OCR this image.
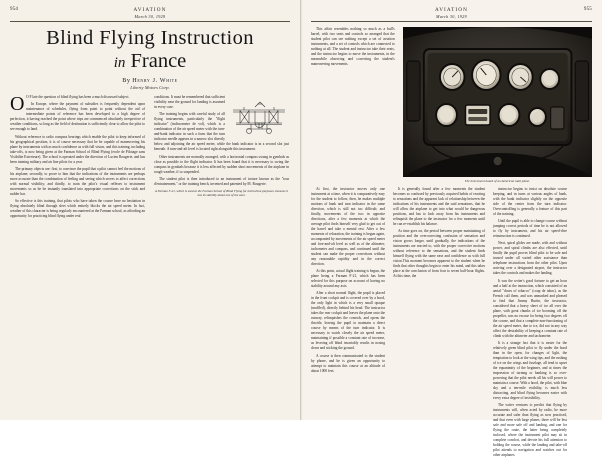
954	AVIATION
March 30, 1929
Blind Flying Instruction
in France
By Henry J. White
Liberty Motors Corp.

O O F late the question of blind flying has been a much discussed subject.

In Europe, where the payment of subsidies is frequently dependent upon maintenance of schedules, flying from point to point without the aid of intermediate points of reference has been developed to a high degree of perfection, it having reached the point where trips are commenced absolutely irrespective of weather conditions, so long as the field of destination is sufficiently clear to allow the pilot to see enough to land.

Without reference to radio compass bearings which enable the pilot to keep informed of his geographical position, it is of course necessary that he be capable of maneuvering his plane by instruments with as much confidence as with full vision, and this training, including take-offs, is now being given at the Farman School of Blind Flying (ecole de Pilotage sans Visibilite Exterieure). The school is operated under the direction of Lucien Rougerie, and has been training military and air line pilots for a year.

The primary objects are: first, to convince the pupil that a pilot cannot feel the motions of his airplane; secondly, to prove to him that the indications of the instruments are perhaps more accurate than the combination of feeling and seeing which serves to affect corrections with normal visibility; and thirdly, to train the pilot's visual reflexes to instrument movements so as he be instantly translated into appropriate corrections on the stick and rudder bar.

So effective is this training, that pilots who have taken the course have no hesitation in flying absolutely blind through sleet which entirely blocks the air speed meter. In fact, weather of this character is being regularly encountered at the Farman school, as affording an opportunity for practicing blind flying under real

conditions. It must be remembered that sufficient visibility near the ground for landing is assumed in every case.

The training begins with careful study of all flying instruments, particularly the "flight indicator" (inclinometre de vol), which is a combination of the air speed meter with the turn-and-bank indicator in such a form that the turn indicator needle appears in a narrow slot directly below and adjoining the air speed meter, while the bank indicator is in a second slot just beneath. A turn-and-aft level is located right alongside this instrument.

Other instruments are normally arranged, with a horizontal compass swung in gymbals as close as possible to the flight indicator. It has been found that it is necessary to swing the compass in gymbals because it is less affected by sudden short movements of the airplane in rough weather, if so suspended.

The student pilot is then introduced to an instrument of torture known as the "tour d'entrainement," or the training bench, invented and patented by M. Rougerie.

A Farman F-21, which is used at the Farman School of Blind Flying for instruction purposes, because it has its stability about one of the axes.
AVIATION
March 30, 1929
955

This affair resembles nothing so much as a bull's barrel, with two seats and controls so arranged that the student pilot can see nothing except a set of aviation instruments, and a set of controls which are connected to nothing at all. The student and instructor take their seats, and the instructor begins to move the instruments, in the meanwhile observing and correcting the student's maneuvering movements.

The instrument board of an American mail plane.

At first, the instructor moves only one instrument at a time, when it is comparatively easy for the student to follow; then, he makes multiple motions of bank and turn indicator in the same direction, which is still not too difficult; and finally, movements of the two in opposite directions, after a few moments at which the average pilot finds himself very glad to get out of the barrel and take a mental rest. After a few moments of relaxation, the training is begun again, accompanied by movements of the air speed meter and fore-and-aft level as well as of the altimeter, tachometer and compass, and continued until the student can make the proper corrections without any reasonable rapidity and in the correct direction.

At this point, actual flight training is begun, the plane being a Farman F-21, which has been selected for this purpose on account of having no stability around any axis.

After a short normal flight, the pupil is placed in the front cockpit and is covered over by a hood, the only light in which is a very small opaque (muffled), directly behind his head. The instructor takes the rear cockpit and leaves the plane onto the runway, relinquishes the controls, and opens the throttle, leaving the pupil to maintain a direct course by means of the turn indicator. It is necessary to watch closely the air speed meter, maintaining if possible a constant rate of increase, as levering off blind invariably results in nosing down and sticking the ground.

A course is then communicated to the student by phone, and he is given an opportunity to attempt to maintain this course at an altitude of about 1000 feet.

It is generally found after a few moments the student becomes so confused by previously acquired habits of reacting to sensations and the apparent lack of relationship between the indications of his instruments and the said sensations, that he will allow the airplane to get into what would be dangerous positions, and has to look away from his instruments and relinquish the plane to the instructor for a few moments until he can re-establish his balance.

As time goes on, the period between proper maintaining of position and the overcorrecting confusion of sensation and vision grows longer, until gradually, the indications of the instruments are reacted to, with the proper corrective motions without reference to the sensations, and the student finds himself flying with the same ease and confidence as with full vision.This moment becomes apparent to the student when he finds that other thoughts begin to enter his mind, and this takes place at the conclusion of from four to seven half-hour flights. At this time, the

instructor begins to insist on absolute course keeping, and in turns at various angles of bank, with the bank indicator slightly on the opposite side of the center from the turn indicator. Overcontrolling is generally a feature of this part of the training.

Until the pupil is able to change course without jumping correct periods of time he is not allowed to fly by instrument, and his air speed-dive reinstruction is continued.

Next, spiral glides are made, with and without power, and spiral climbs are also effected, until finally the pupil proves blind pilot to be safe and trusted under all varied other assistance than telephone instructions from the other pilot. Upon arriving over a designated airport, the instructor takes the controls and makes the landing.

It was the writer's good fortune to get an hour and a half at the instruction, which consisted of an aerial "doses of tobacco" (coup de tabac), as the French call them, and was unmarked and pleased to find that Jimmy Burtin, the instructor, considered that a heavy sheet of ice all over the plane, with great chunks of ice booming off the propeller, was no excuse for being two degrees off the course, and that a complete non-functioning of the air speed meter, due to ice, did not in any way affect the desirability of keeping a constant rate of climb with the altimeter and tachometer.

It is a strange fact that it is easier for the relatively green blind pilot to fly under the hood than in the open, for changes of light, the temptation to look at the wing tips, and the rushing of ice on the wings and fuselage, all tend to upset the equanimity of the beginner, and at times the impression of turning or banking is so over-powering that the pilot needs all his will power to maintain a course. With a hood, the pilot, with blue sky and a ten-mile visibility, is much less distracting, and blind flying becomes easier with every extra degree of invisibility.

The writer ventures to predict that flying by instruments will, when acted by radio, be more accurate and safer than flying as now practiced, and that even with large planes, there will be less safe and more safe off and landing, and one for flying the route, the latter being completely inclosed, where the instrument pilot may sit in complete comfort, and devote his full attention to holding the course, while the landing and take-off pilot attends to navigation and watches out for other airplanes.
